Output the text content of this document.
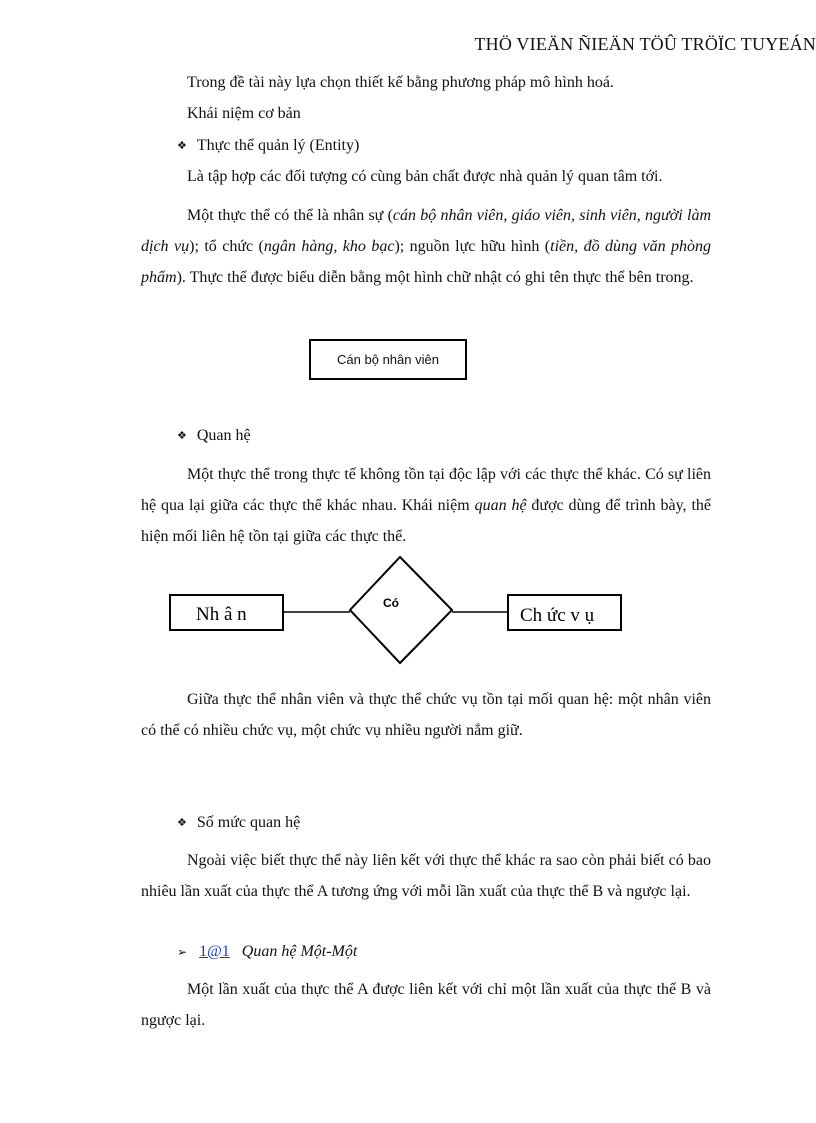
THÖ VIEÄN ÑIEÄN TÖÛ TRÖÏC TUYEÁN
Trong đề tài này lựa chọn thiết kế bằng phương pháp mô hình hoá.
Khái niệm cơ bản
❖ Thực thể quản lý (Entity)
Là tập hợp các đối tượng có cùng bản chất được nhà quản lý quan tâm tới.

Một thực thể có thể là nhân sự (cán bộ nhân viên, giáo viên, sinh viên, người làm dịch vụ); tổ chức (ngân hàng, kho bạc); nguồn lực hữu hình (tiền, đồ dùng văn phòng phẩm). Thực thể được biểu diễn bằng một hình chữ nhật có ghi tên thực thể bên trong.

Cán bộ nhân viên
❖ Quan hệ

Một thực thể trong thực tế không tồn tại độc lập với các thực thể khác. Có sự liên hệ qua lại giữa các thực thể khác nhau. Khái niệm quan hệ được dùng để trình bày, thể hiện mối liên hệ tồn tại giữa các thực thể.

Nh â n
Có
Ch ức v ụ

Giữa thực thể nhân viên và thực thể chức vụ tồn tại mối quan hệ: một nhân viên có thể có nhiều chức vụ, một chức vụ nhiều người nắm giữ.

❖ Số mức quan hệ

Ngoài việc biết thực thể này liên kết với thực thể khác ra sao còn phải biết có bao nhiêu lần xuất của thực thể A tương ứng với mỗi lần xuất của thực thể B và ngược lại.

➢ 1@1 Quan hệ Một-Một

Một lần xuất của thực thể A được liên kết với chỉ một lần xuất của thực thể B và ngược lại.
